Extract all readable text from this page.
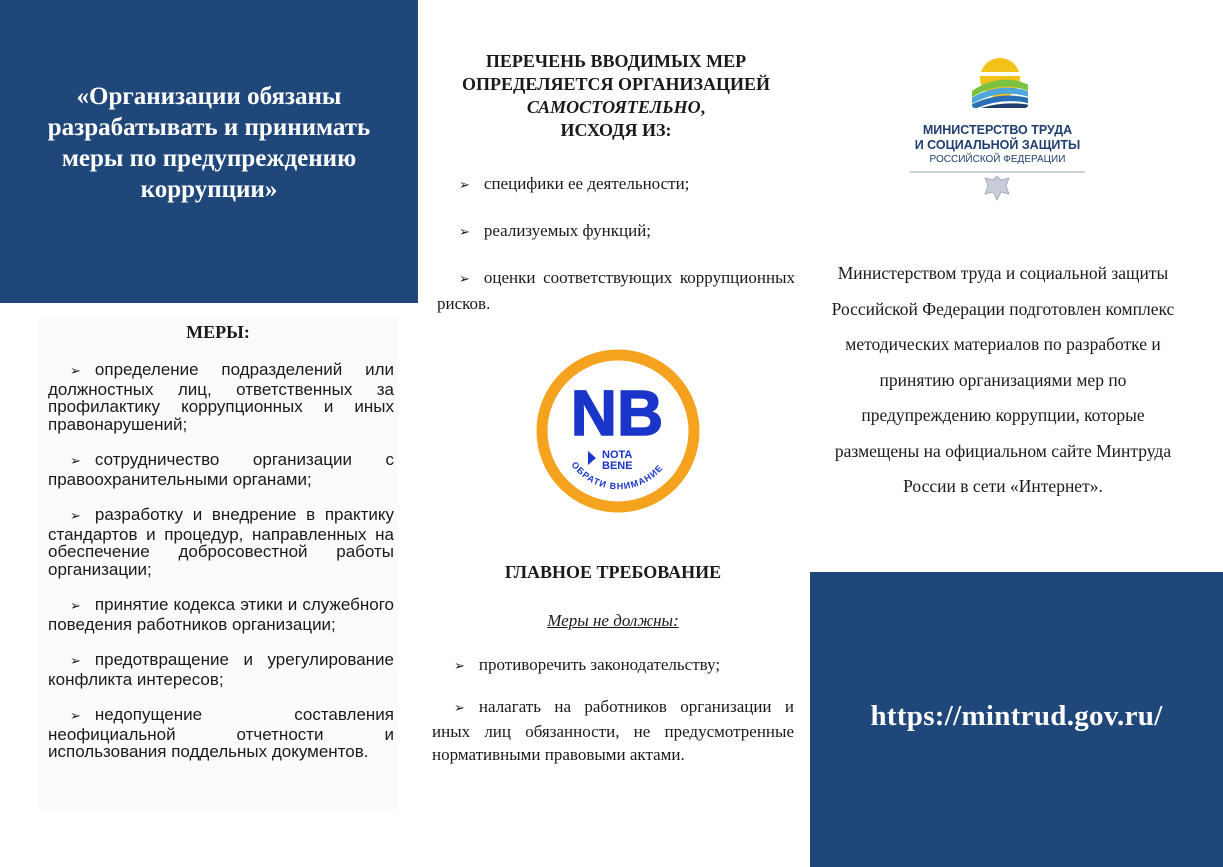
«Организации обязаны разрабатывать и принимать меры по предупреждению коррупции»
МЕРЫ:
➢ определение подразделений или должностных лиц, ответственных за профилактику коррупционных и иных правонарушений;
➢ сотрудничество организации с правоохранительными органами;
➢ разработку и внедрение в практику стандартов и процедур, направленных на обеспечение добросовестной работы организации;
➢ принятие кодекса этики и служебного поведения работников организации;
➢ предотвращение и урегулирование конфликта интересов;
➢ недопущение составления неофициальной отчетности и использования поддельных документов.
ПЕРЕЧЕНЬ ВВОДИМЫХ МЕР
ОПРЕДЕЛЯЕТСЯ ОРГАНИЗАЦИЕЙ
САМОСТОЯТЕЛЬНО,
ИСХОДЯ ИЗ:
➢ специфики ее деятельности;
➢ реализуемых функций;
➢ оценки соответствующих коррупционных рисков.
NB
NOTA
BENE
ОБРАТИ ВНИМАНИЕ
ГЛАВНОЕ ТРЕБОВАНИЕ
Меры не должны:
➢ противоречить законодательству;
➢ налагать на работников организации и иных лиц обязанности, не предусмотренные нормативными правовыми актами.
МИНИСТЕРСТВО ТРУДА
И СОЦИАЛЬНОЙ ЗАЩИТЫ
РОССИЙСКОЙ ФЕДЕРАЦИИ
Министерством труда и социальной защиты Российской Федерации подготовлен комплекс методических материалов по разработке и принятию организациями мер по предупреждению коррупции, которые размещены на официальном сайте Минтруда России в сети «Интернет».
https://mintrud.gov.ru/
